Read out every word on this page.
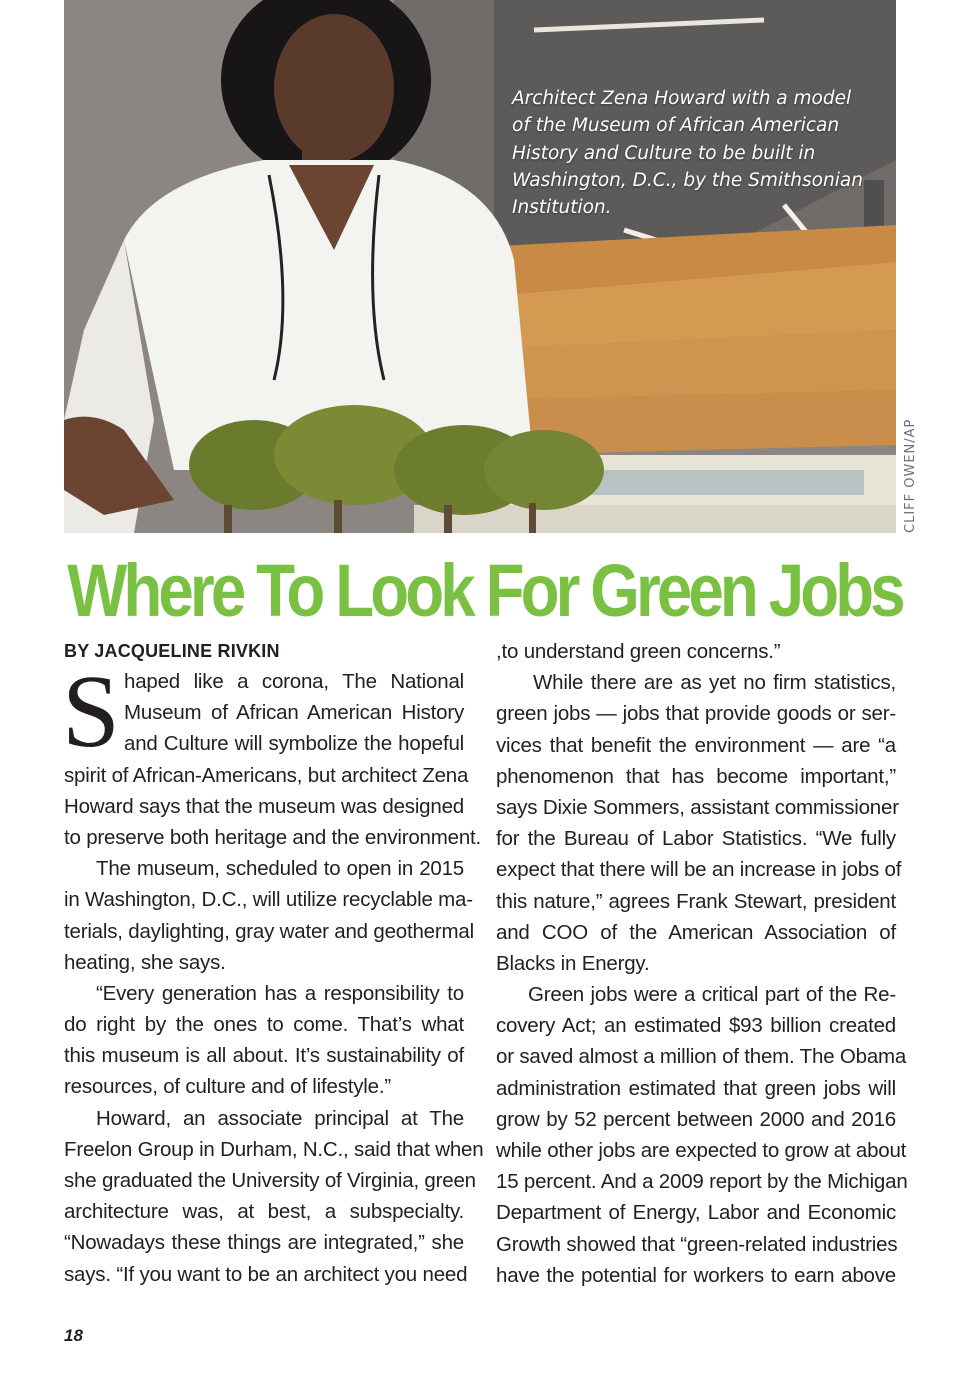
Architect Zena Howard with a model
of the Museum of African American
History and Culture to be built in
Washington, D.C., by the Smithsonian
Institution.

CLIFF OWEN/AP

Where To Look For Green Jobs

BY JACQUELINE RIVKIN

S haped like a corona, The National
Museum of African American History
and Culture will symbolize the hopeful
spirit of African-Americans, but architect Zena
Howard says that the museum was designed
to preserve both heritage and the environment.
The museum, scheduled to open in 2015
in Washington, D.C., will utilize recyclable ma-
terials, daylighting, gray water and geothermal
heating, she says.
“Every generation has a responsibility to
do right by the ones to come. That’s what
this museum is all about. It’s sustainability of
resources, of culture and of lifestyle.”
Howard, an associate principal at The
Freelon Group in Durham, N.C., said that when
she graduated the University of Virginia, green
architecture was, at best, a subspecialty.
“Nowadays these things are integrated,” she
says. “If you want to be an architect you need
,to understand green concerns.”
While there are as yet no firm statistics,
green jobs — jobs that provide goods or ser-
vices that benefit the environment — are “a
phenomenon that has become important,”
says Dixie Sommers, assistant commissioner
for the Bureau of Labor Statistics. “We fully
expect that there will be an increase in jobs of
this nature,” agrees Frank Stewart, president
and COO of the American Association of
Blacks in Energy.
Green jobs were a critical part of the Re-
covery Act; an estimated $93 billion created
or saved almost a million of them. The Obama
administration estimated that green jobs will
grow by 52 percent between 2000 and 2016
while other jobs are expected to grow at about
15 percent. And a 2009 report by the Michigan
Department of Energy, Labor and Economic
Growth showed that “green-related industries
have the potential for workers to earn above

18
